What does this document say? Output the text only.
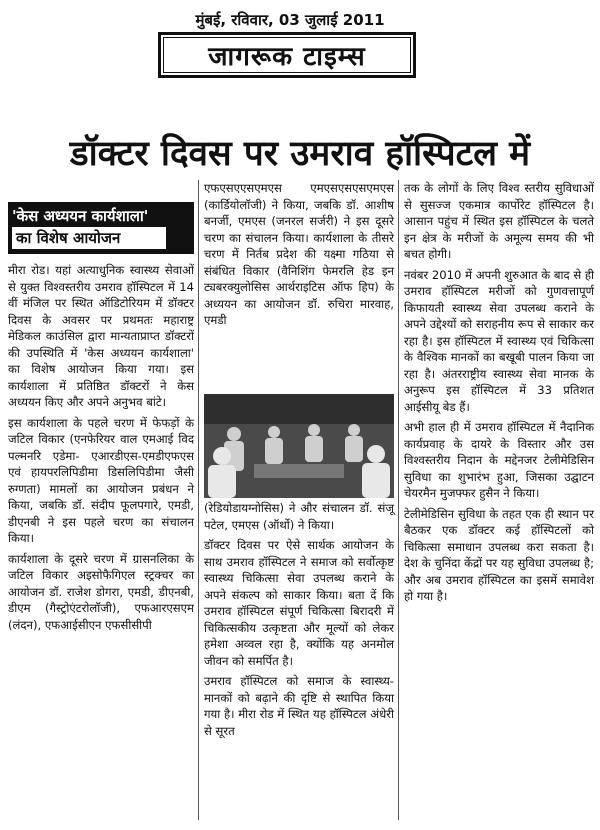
मुंबई, रविवार, 03 जुलाई 2011
जागरूक टाइम्स
डॉक्टर दिवस पर उमराव हॉस्पिटल में
'केस अध्ययन कार्यशाला'
का विशेष आयोजन

मीरा रोड। यहां अत्याधुनिक स्वास्थ्य सेवाओं से युक्त विश्वस्तरीय उमराव हॉस्पिटल में 14 वीं मंजिल पर स्थित ऑडिटोरियम में डॉक्टर दिवस के अवसर पर प्रथमतः महाराष्ट्र मेडिकल काउंसिल द्वारा मान्यताप्राप्त डॉक्टरों की उपस्थिति में 'केस अध्ययन कार्यशाला' का विशेष आयोजन किया गया। इस कार्यशाला में प्रतिष्ठित डॉक्टरों ने केस अध्ययन किए और अपने अनुभव बांटे।

इस कार्यशाला के पहले चरण में फेफड़ों के जटिल विकार (एनफेरियर वाल एमआई विद पल्मनरि एडेमा- एआरडीएस-एमडीएफएस एवं हायपरलिपिडीमा डिसलिपिडीमा जैसी रुग्णता) मामलों का आयोजन प्रबंधन ने किया, जबकि डॉ. संदीप फूलपगारे, एमडी, डीएनबी ने इस पहले चरण का संचालन किया।

कार्यशाला के दूसरे चरण में ग्रासनलिका के जटिल विकार अइसोफैगिएल स्ट्रक्चर का आयोजन डॉ. राजेश डोगरा, एमडी, डीएनबी, डीएम (गैस्ट्रोएंटरोलॉजी), एफआरएसएम (लंदन), एफआईसीएन एफसीसीपी

एफएसएएसएमएस एमएसएसएसएमएस (कार्डियोलॉजी) ने किया, जबकि डॉ. आशीष बनर्जी, एमएस (जनरल सर्जरी) ने इस दूसरे चरण का संचालन किया। कार्यशाला के तीसरे चरण में निर्तब प्रदेश की यक्ष्मा गठिया से संबंधित विकार (वैनिशिंग फेमरलि हेड इन ट्यबरक्युलोसिस आर्थराइटिस ऑफ हिप) के अध्ययन का आयोजन डॉ. रुचिरा मारवाह, एमडी

(रेडियोडायग्नोसिस) ने और संचालन डॉ. संजू पटेल, एमएस (ऑर्थो) ने किया।

डॉक्टर दिवस पर ऐसे सार्थक आयोजन के साथ उमराव हॉस्पिटल ने समाज को सर्वोत्कृष्ट स्वास्थ्य चिकित्सा सेवा उपलब्ध कराने के अपने संकल्प को साकार किया। बता दें कि उमराव हॉस्पिटल संपूर्ण चिकित्सा बिरादरी में चिकित्सकीय उत्कृष्टता और मूल्यों को लेकर हमेशा अव्वल रहा है, क्योंकि यह अनमोल जीवन को समर्पित है।

उमराव हॉस्पिटल को समाज के स्वास्थ्य-मानकों को बढ़ाने की दृष्टि से स्थापित किया गया है। मीरा रोड में स्थित यह हॉस्पिटल अंधेरी से सूरत

तक के लोगों के लिए विश्व स्तरीय सुविधाओं से सुसज्ज एकमात्र कार्पोरेट हॉस्पिटल है। आसान पहुंच में स्थित इस हॉस्पिटल के चलते इन क्षेत्र के मरीजों के अमूल्य समय की भी बचत होगी।

नवंबर 2010 में अपनी शुरुआत के बाद से ही उमराव हॉस्पिटल मरीजों को गुणवत्तापूर्ण किफायती स्वास्थ्य सेवा उपलब्ध कराने के अपने उद्देश्यों को सराहनीय रूप से साकार कर रहा है। इस हॉस्पिटल में स्वास्थ्य एवं चिकित्सा के वैश्विक मानकों का बखूबी पालन किया जा रहा है। अंतरराष्ट्रीय स्वास्थ्य सेवा मानक के अनुरूप इस हॉस्पिटल में 33 प्रतिशत आईसीयू बेड हैं।

अभी हाल ही में उमराव हॉस्पिटल में नैदानिक कार्यप्रवाह के दायरे के विस्तार और उस विश्वस्तरीय निदान के मद्देनजर टेलीमेडिसिन सुविधा का शुभारंभ हुआ, जिसका उद्घाटन चेयरमैन मुजफ्फर हुसैन ने किया।

टेलीमेडिसिन सुविधा के तहत एक ही स्थान पर बैठकर एक डॉक्टर कई हॉस्पिटलों को चिकित्सा समाधान उपलब्ध करा सकता है। देश के चुनिंदा केंद्रों पर यह सुविधा उपलब्ध है; और अब उमराव हॉस्पिटल का इसमें समावेश हो गया है।
